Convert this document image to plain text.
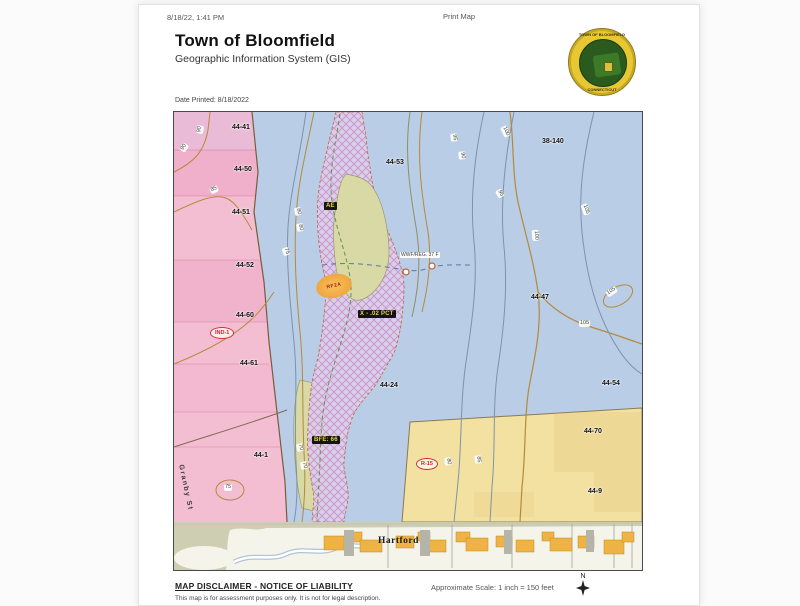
8/18/22, 1:41 PM	Print Map
Town of Bloomfield
Geographic Information System (GIS)
Date Printed: 8/18/2022
TOWN OF BLOOMFIELD
CONNECTICUT
44-41
44-50
44-51
44-52
44-60
44-61
44-1
44-53
38-140
44-47
44-54
44-24
44-70
44-9
90
90
85
75
80
80
75
70
70
95
90
100
95
100
105
105
105
80	85
AE
X - .02 PCT
BFE: 66
IND-1
R-15
WWF/REG. 37 F
RF2A
Granby St
Hartford
MAP DISCLAIMER - NOTICE OF LIABILITY
This map is for assessment purposes only. It is not for legal description.
Approximate Scale: 1 inch = 150 feet
N
